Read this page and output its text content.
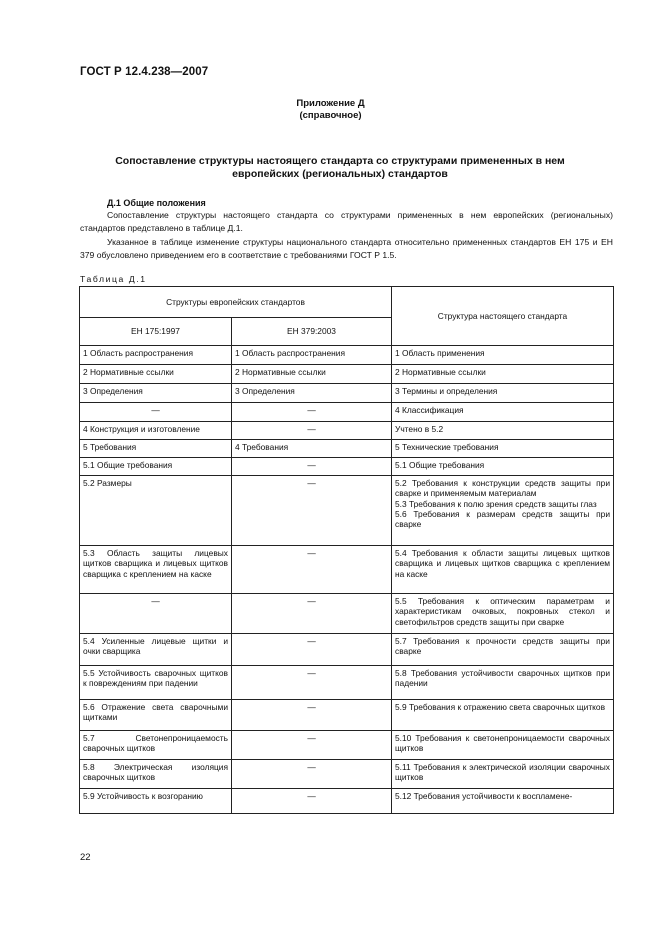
ГОСТ Р 12.4.238—2007
Приложение Д
(справочное)
Сопоставление структуры настоящего стандарта со структурами примененных в нем европейских (региональных) стандартов
Д.1 Общие положения
Сопоставление структуры настоящего стандарта со структурами примененных в нем европейских (региональных) стандартов представлено в таблице Д.1.
Указанное в таблице изменение структуры национального стандарта относительно примененных стандартов ЕН 175 и ЕН 379 обусловлено приведением его в соответствие с требованиями ГОСТ Р 1.5.
Таблица Д.1
Структуры европейских стандартов		Структура настоящего стандарта
ЕН 175:1997	ЕН 379:2003	

1 Область распространения	1 Область распространения	1 Область применения

2 Нормативные ссылки	2 Нормативные ссылки	2 Нормативные ссылки

3 Определения	3 Определения	3 Термины и определения

—	—	4 Классификация

4 Конструкция и изготовление	—	Учтено в 5.2

5 Требования	4 Требования	5 Технические требования

5.1 Общие требования	—	5.1 Общие требования

5.2 Размеры	—	5.2 Требования к конструкции средств защиты при сварке и применяемым материалам
5.3 Требования к полю зрения средств защиты глаз
5.6 Требования к размерам средств защиты при сварке

5.3 Область защиты лицевых щитков сварщика и лицевых щитков сварщика с креплением на каске	—	5.4 Требования к области защиты лицевых щитков сварщика и лицевых щитков сварщика с креплением на каске

—	—	5.5 Требования к оптическим параметрам и характеристикам очковых, покровных стекол и светофильтров средств защиты при сварке

5.4 Усиленные лицевые щитки и очки сварщика	—	5.7 Требования к прочности средств защиты при сварке

5.5 Устойчивость сварочных щитков к повреждениям при падении	—	5.8 Требования устойчивости сварочных щитков при падении

5.6 Отражение света сварочными щитками	—	5.9 Требования к отражению света сварочных щитков

5.7 Светонепроницаемость сварочных щитков	—	5.10 Требования к светонепроницаемости сварочных щитков

5.8 Электрическая изоляция сварочных щитков	—	5.11 Требования к электрической изоляции сварочных щитков

5.9 Устойчивость к возгоранию	—	5.12 Требования устойчивости к воспламене-
22
